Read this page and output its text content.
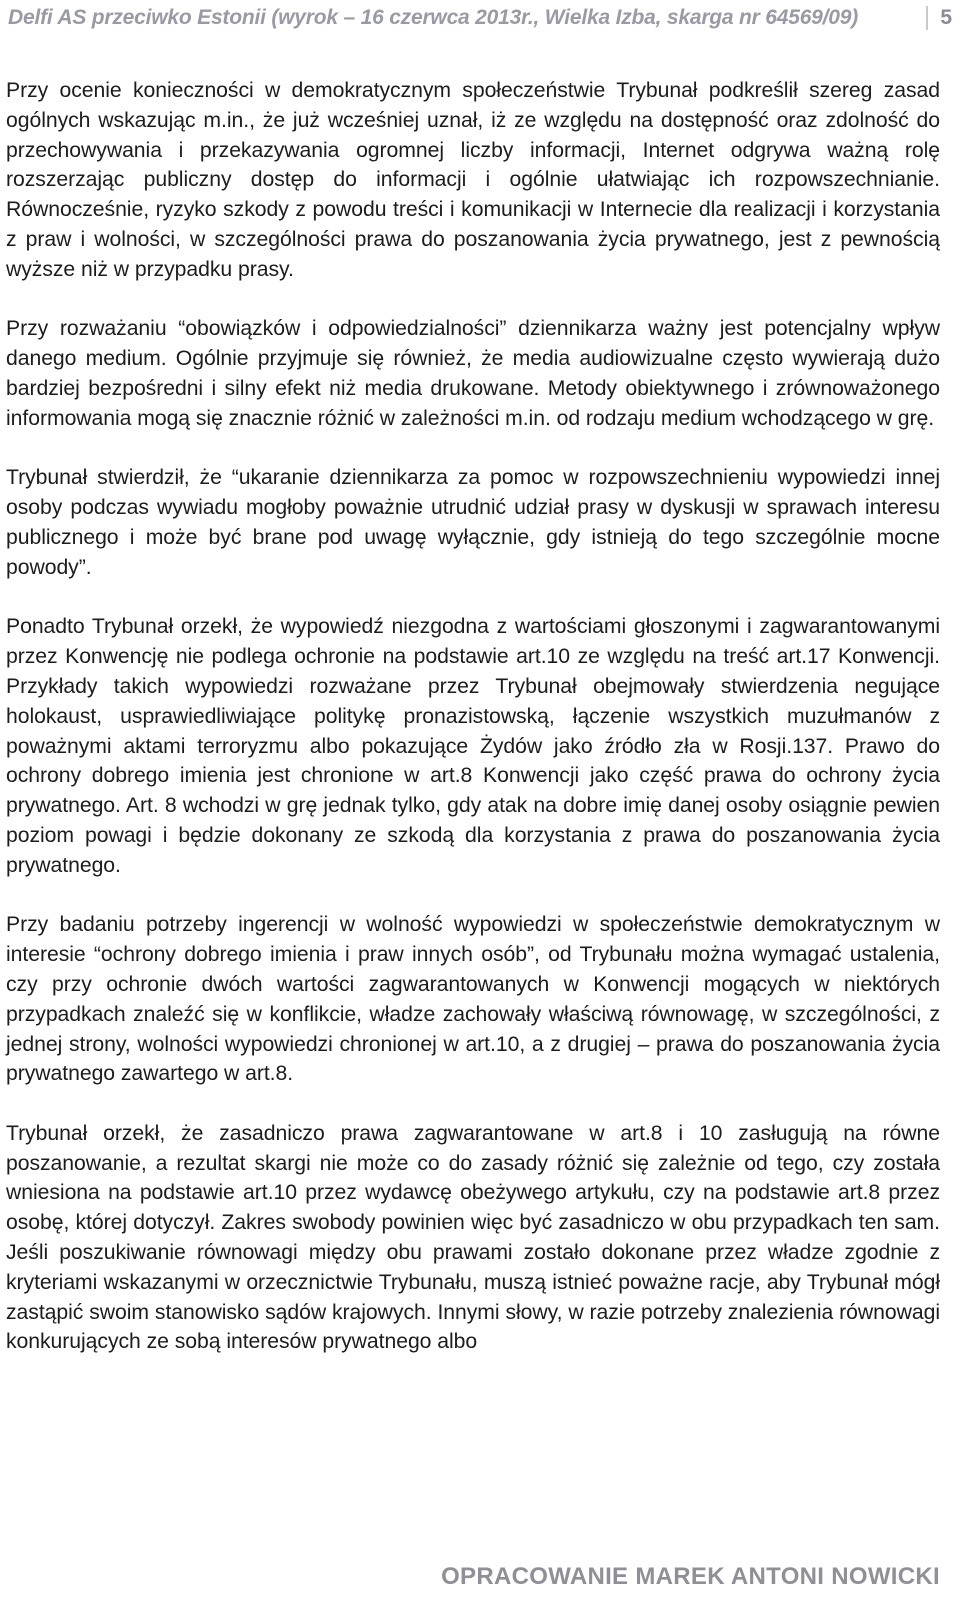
Delfi AS przeciwko Estonii (wyrok – 16 czerwca 2013r., Wielka Izba, skarga nr 64569/09)	5

Przy ocenie konieczności w demokratycznym społeczeństwie Trybunał podkreślił szereg zasad ogólnych wskazując m.in., że już wcześniej uznał, iż ze względu na dostępność oraz zdolność do przechowywania i przekazywania ogromnej liczby informacji, Internet odgrywa ważną rolę rozszerzając publiczny dostęp do informacji i ogólnie ułatwiając ich rozpowszechnianie. Równocześnie, ryzyko szkody z powodu treści i komunikacji w Internecie dla realizacji i korzystania z praw i wolności, w szczególności prawa do poszanowania życia prywatnego, jest z pewnością wyższe niż w przypadku prasy.

Przy rozważaniu “obowiązków i odpowiedzialności” dziennikarza ważny jest potencjalny wpływ danego medium. Ogólnie przyjmuje się również, że media audiowizualne często wywierają dużo bardziej bezpośredni i silny efekt niż media drukowane. Metody obiektywnego i zrównoważonego informowania mogą się znacznie różnić w zależności m.in. od rodzaju medium wchodzącego w grę.

Trybunał stwierdził, że “ukaranie dziennikarza za pomoc w rozpowszechnieniu wypowiedzi innej osoby podczas wywiadu mogłoby poważnie utrudnić udział prasy w dyskusji w sprawach interesu publicznego i może być brane pod uwagę wyłącznie, gdy istnieją do tego szczególnie mocne powody”.

Ponadto Trybunał orzekł, że wypowiedź niezgodna z wartościami głoszonymi i zagwarantowanymi przez Konwencję nie podlega ochronie na podstawie art.10 ze względu na treść art.17 Konwencji. Przykłady takich wypowiedzi rozważane przez Trybunał obejmowały stwierdzenia negujące holokaust, usprawiedliwiające politykę pronazistowską, łączenie wszystkich muzułmanów z poważnymi aktami terroryzmu albo pokazujące Żydów jako źródło zła w Rosji.137. Prawo do ochrony dobrego imienia jest chronione w art.8 Konwencji jako część prawa do ochrony życia prywatnego. Art. 8 wchodzi w grę jednak tylko, gdy atak na dobre imię danej osoby osiągnie pewien poziom powagi i będzie dokonany ze szkodą dla korzystania z prawa do poszanowania życia prywatnego.

Przy badaniu potrzeby ingerencji w wolność wypowiedzi w społeczeństwie demokratycznym w interesie “ochrony dobrego imienia i praw innych osób”, od Trybunału można wymagać ustalenia, czy przy ochronie dwóch wartości zagwarantowanych w Konwencji mogących w niektórych przypadkach znaleźć się w konflikcie, władze zachowały właściwą równowagę, w szczególności, z jednej strony, wolności wypowiedzi chronionej w art.10, a z drugiej – prawa do poszanowania życia prywatnego zawartego w art.8.

Trybunał orzekł, że zasadniczo prawa zagwarantowane w art.8 i 10 zasługują na równe poszanowanie, a rezultat skargi nie może co do zasady różnić się zależnie od tego, czy została wniesiona na podstawie art.10 przez wydawcę obeżywego artykułu, czy na podstawie art.8 przez osobę, której dotyczył. Zakres swobody powinien więc być zasadniczo w obu przypadkach ten sam. Jeśli poszukiwanie równowagi między obu prawami zostało dokonane przez władze zgodnie z kryteriami wskazanymi w orzecznictwie Trybunału, muszą istnieć poważne racje, aby Trybunał mógł zastąpić swoim stanowisko sądów krajowych. Innymi słowy, w razie potrzeby znalezienia równowagi konkurujących ze sobą interesów prywatnego albo

OPRACOWANIE MAREK ANTONI NOWICKI
